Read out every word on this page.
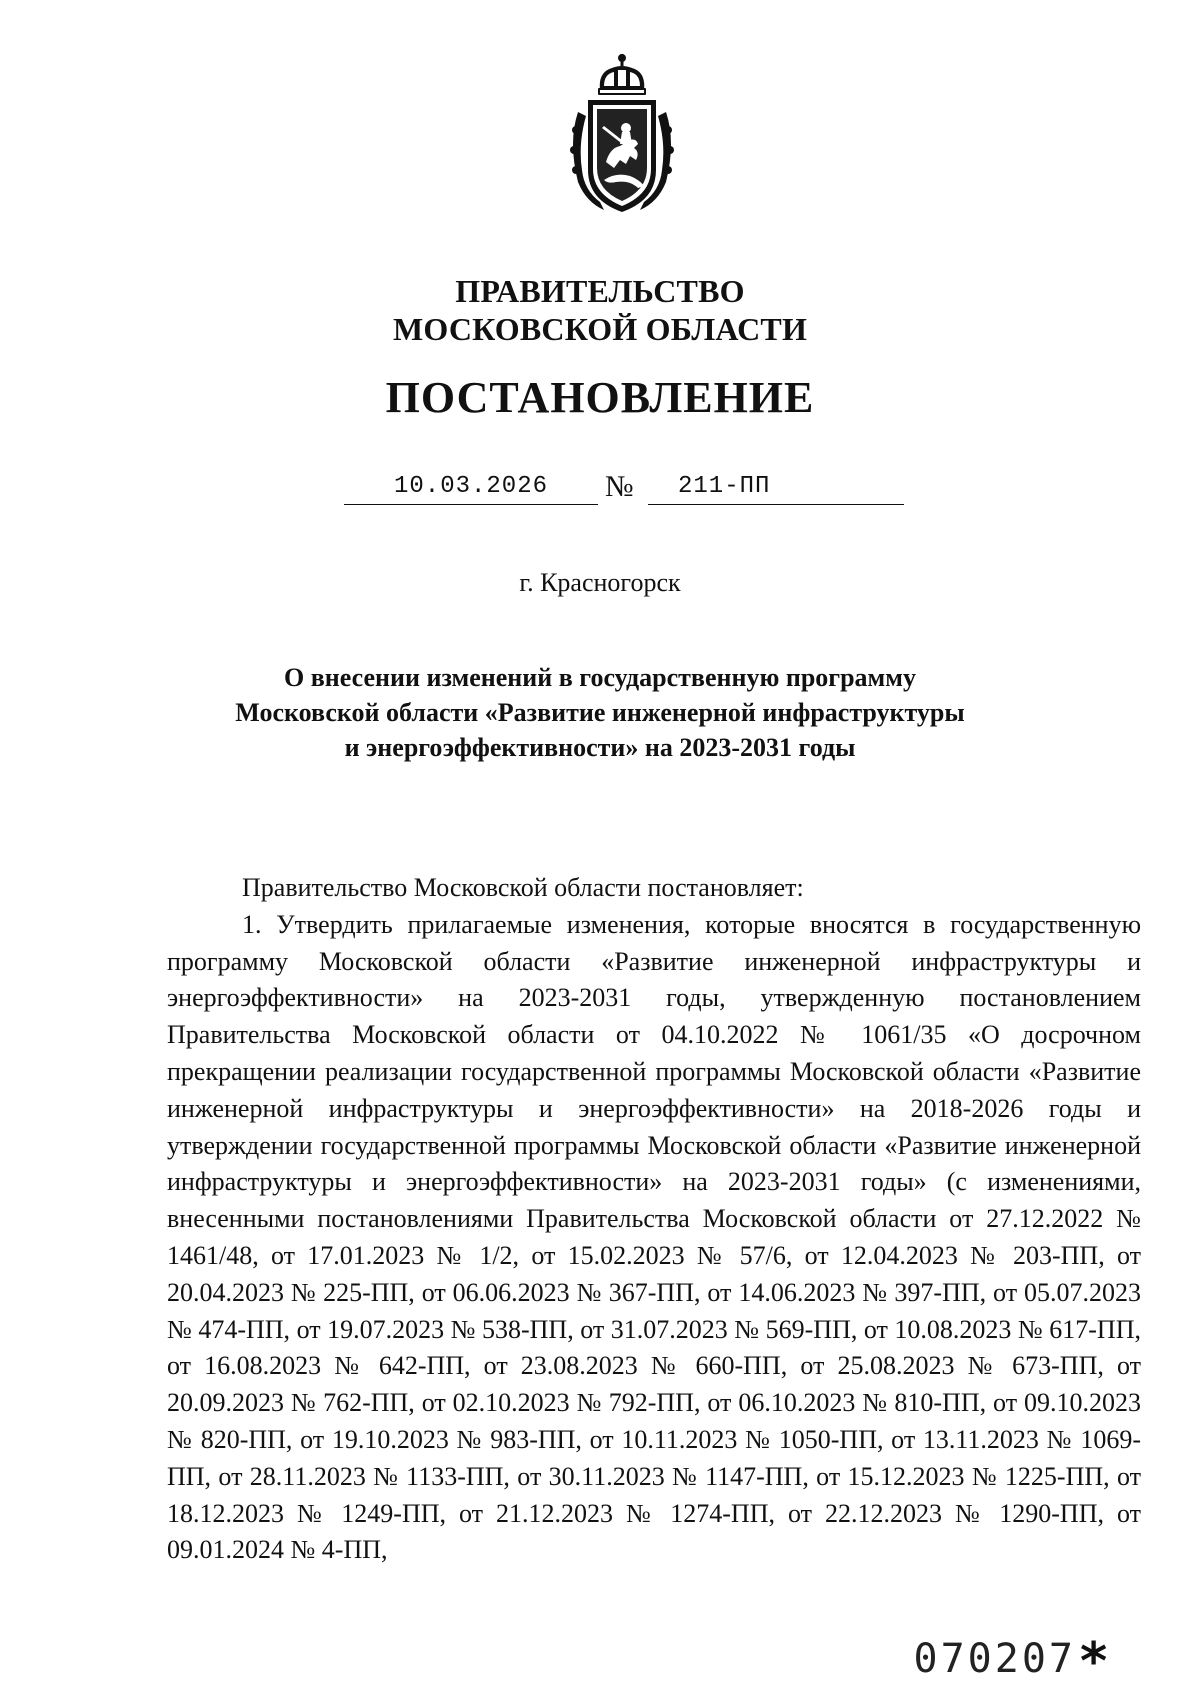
ПРАВИТЕЛЬСТВО
МОСКОВСКОЙ ОБЛАСТИ
ПОСТАНОВЛЕНИЕ
10.03.2026	№	211-ПП
г. Красногорск
О внесении изменений в государственную программу
Московской области «Развитие инженерной инфраструктуры
и энергоэффективности» на 2023-2031 годы

Правительство Московской области постановляет:

1. Утвердить прилагаемые изменения, которые вносятся в государственную программу Московской области «Развитие инженерной инфраструктуры и энергоэффективности» на 2023-2031 годы, утвержденную постановлением Правительства Московской области от 04.10.2022 № 1061/35 «О досрочном прекращении реализации государственной программы Московской области «Развитие инженерной инфраструктуры и энергоэффективности» на 2018-2026 годы и утверждении государственной программы Московской области «Развитие инженерной инфраструктуры и энергоэффективности» на 2023-2031 годы» (с изменениями, внесенными постановлениями Правительства Московской области от 27.12.2022 № 1461/48, от 17.01.2023 № 1/2, от 15.02.2023 № 57/6, от 12.04.2023 № 203-ПП, от 20.04.2023 № 225-ПП, от 06.06.2023 № 367-ПП, от 14.06.2023 № 397-ПП, от 05.07.2023 № 474-ПП, от 19.07.2023 № 538-ПП, от 31.07.2023 № 569-ПП, от 10.08.2023 № 617-ПП, от 16.08.2023 № 642-ПП, от 23.08.2023 № 660-ПП, от 25.08.2023 № 673-ПП, от 20.09.2023 № 762-ПП, от 02.10.2023 № 792-ПП, от 06.10.2023 № 810-ПП, от 09.10.2023 № 820-ПП, от 19.10.2023 № 983-ПП, от 10.11.2023 № 1050-ПП, от 13.11.2023 № 1069-ПП, от 28.11.2023 № 1133-ПП, от 30.11.2023 № 1147-ПП, от 15.12.2023 № 1225-ПП, от 18.12.2023 № 1249-ПП, от 21.12.2023 № 1274-ПП, от 22.12.2023 № 1290-ПП, от 09.01.2024 № 4-ПП,

070207 *
